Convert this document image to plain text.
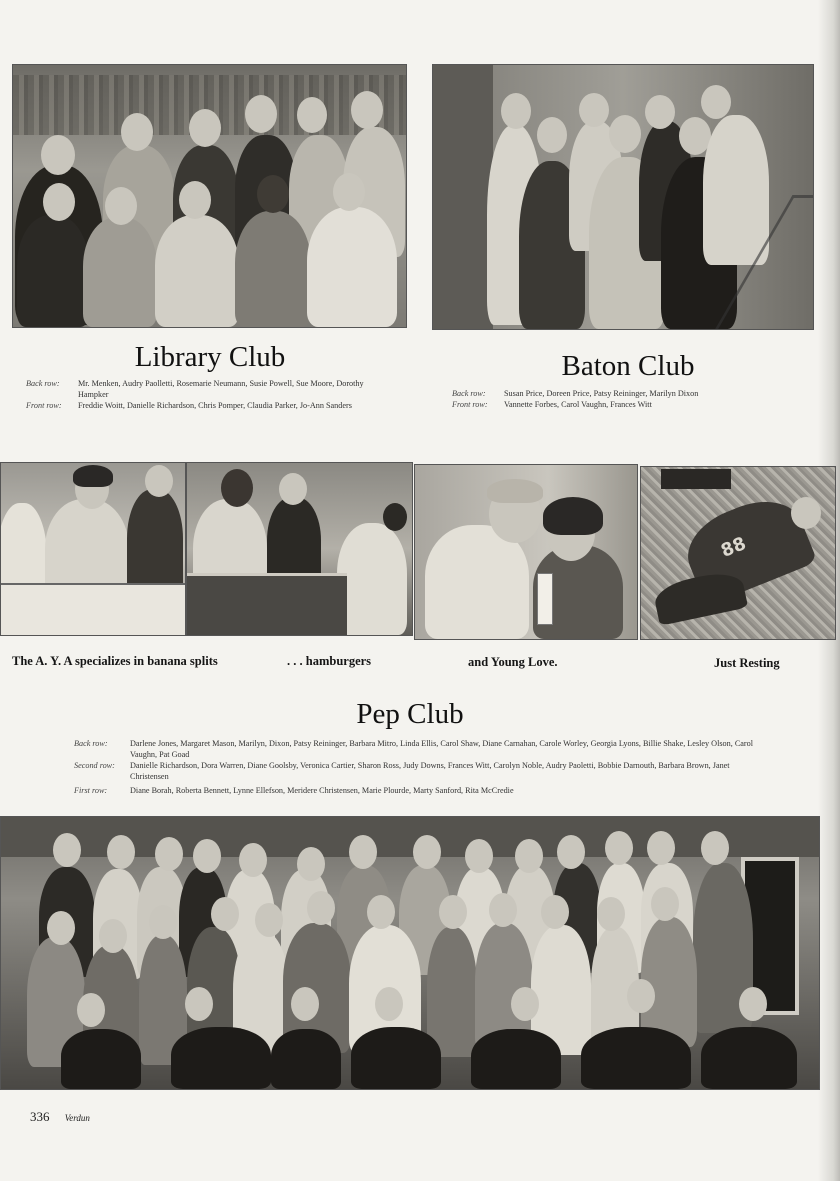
Library Club
Back row:	Mr. Menken, Audry Paolletti, Rosemarie Neumann, Susie Powell, Sue Moore, Dorothy Hampker
Front row:	Freddie Woitt, Danielle Richardson, Chris Pomper, Claudia Parker, Jo-Ann Sanders
Baton Club
Back row:	Susan Price, Doreen Price, Patsy Reininger, Marilyn Dixon
Front row:	Vannette Forbes, Carol Vaughn, Frances Witt
88
The A. Y. A specializes in banana splits	. . . hamburgers	and Young Love.	Just Resting
Pep Club
Back row:	Darlene Jones, Margaret Mason, Marilyn, Dixon, Patsy Reininger, Barbara Mitro, Linda Ellis, Carol Shaw, Diane Carnahan, Carole Worley, Georgia Lyons, Billie Shake, Lesley Olson, Carol Vaughn, Pat Goad
Second row:	Danielle Richardson, Dora Warren, Diane Goolsby, Veronica Cartier, Sharon Ross, Judy Downs, Frances Witt, Carolyn Noble, Audry Paoletti, Bobbie Darnouth, Barbara Brown, Janet Christensen
First row:	Diane Borah, Roberta Bennett, Lynne Ellefson, Meridere Christensen, Marie Plourde, Marty Sanford, Rita McCredie
336 Verdun
